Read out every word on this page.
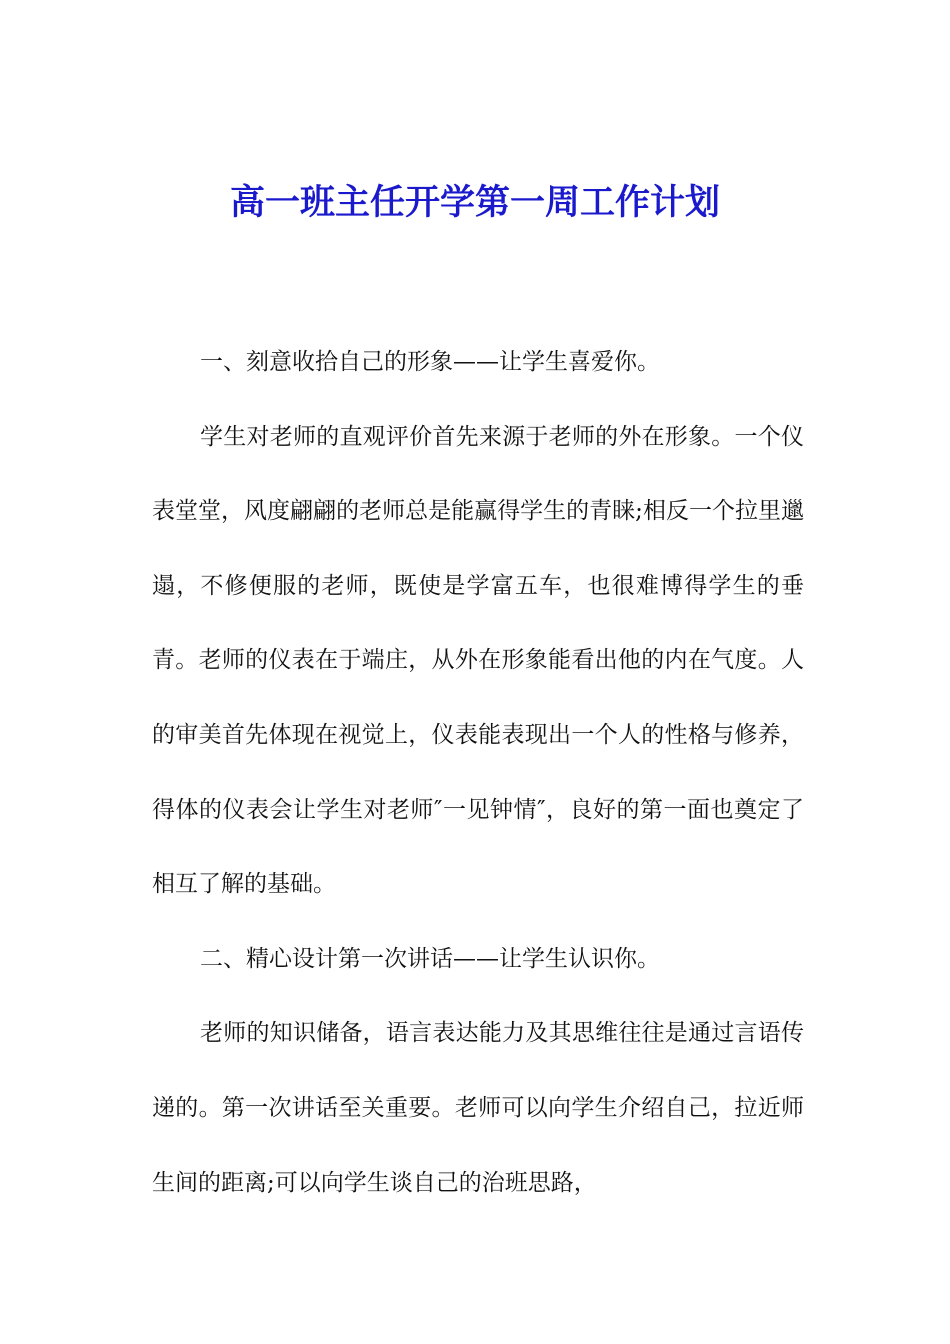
高一班主任开学第一周工作计划

一、刻意收拾自己的形象——让学生喜爱你。

学生对老师的直观评价首先来源于老师的外在形象。一个仪表堂堂，风度翩翩的老师总是能赢得学生的青睐;相反一个拉里邋遢，不修便服的老师，既使是学富五车，也很难博得学生的垂青。老师的仪表在于端庄，从外在形象能看出他的内在气度。人的审美首先体现在视觉上，仪表能表现出一个人的性格与修养，得体的仪表会让学生对老师″一见钟情″，良好的第一面也奠定了相互了解的基础。

二、精心设计第一次讲话——让学生认识你。

老师的知识储备，语言表达能力及其思维往往是通过言语传递的。第一次讲话至关重要。老师可以向学生介绍自己，拉近师生间的距离;可以向学生谈自己的治班思路，
